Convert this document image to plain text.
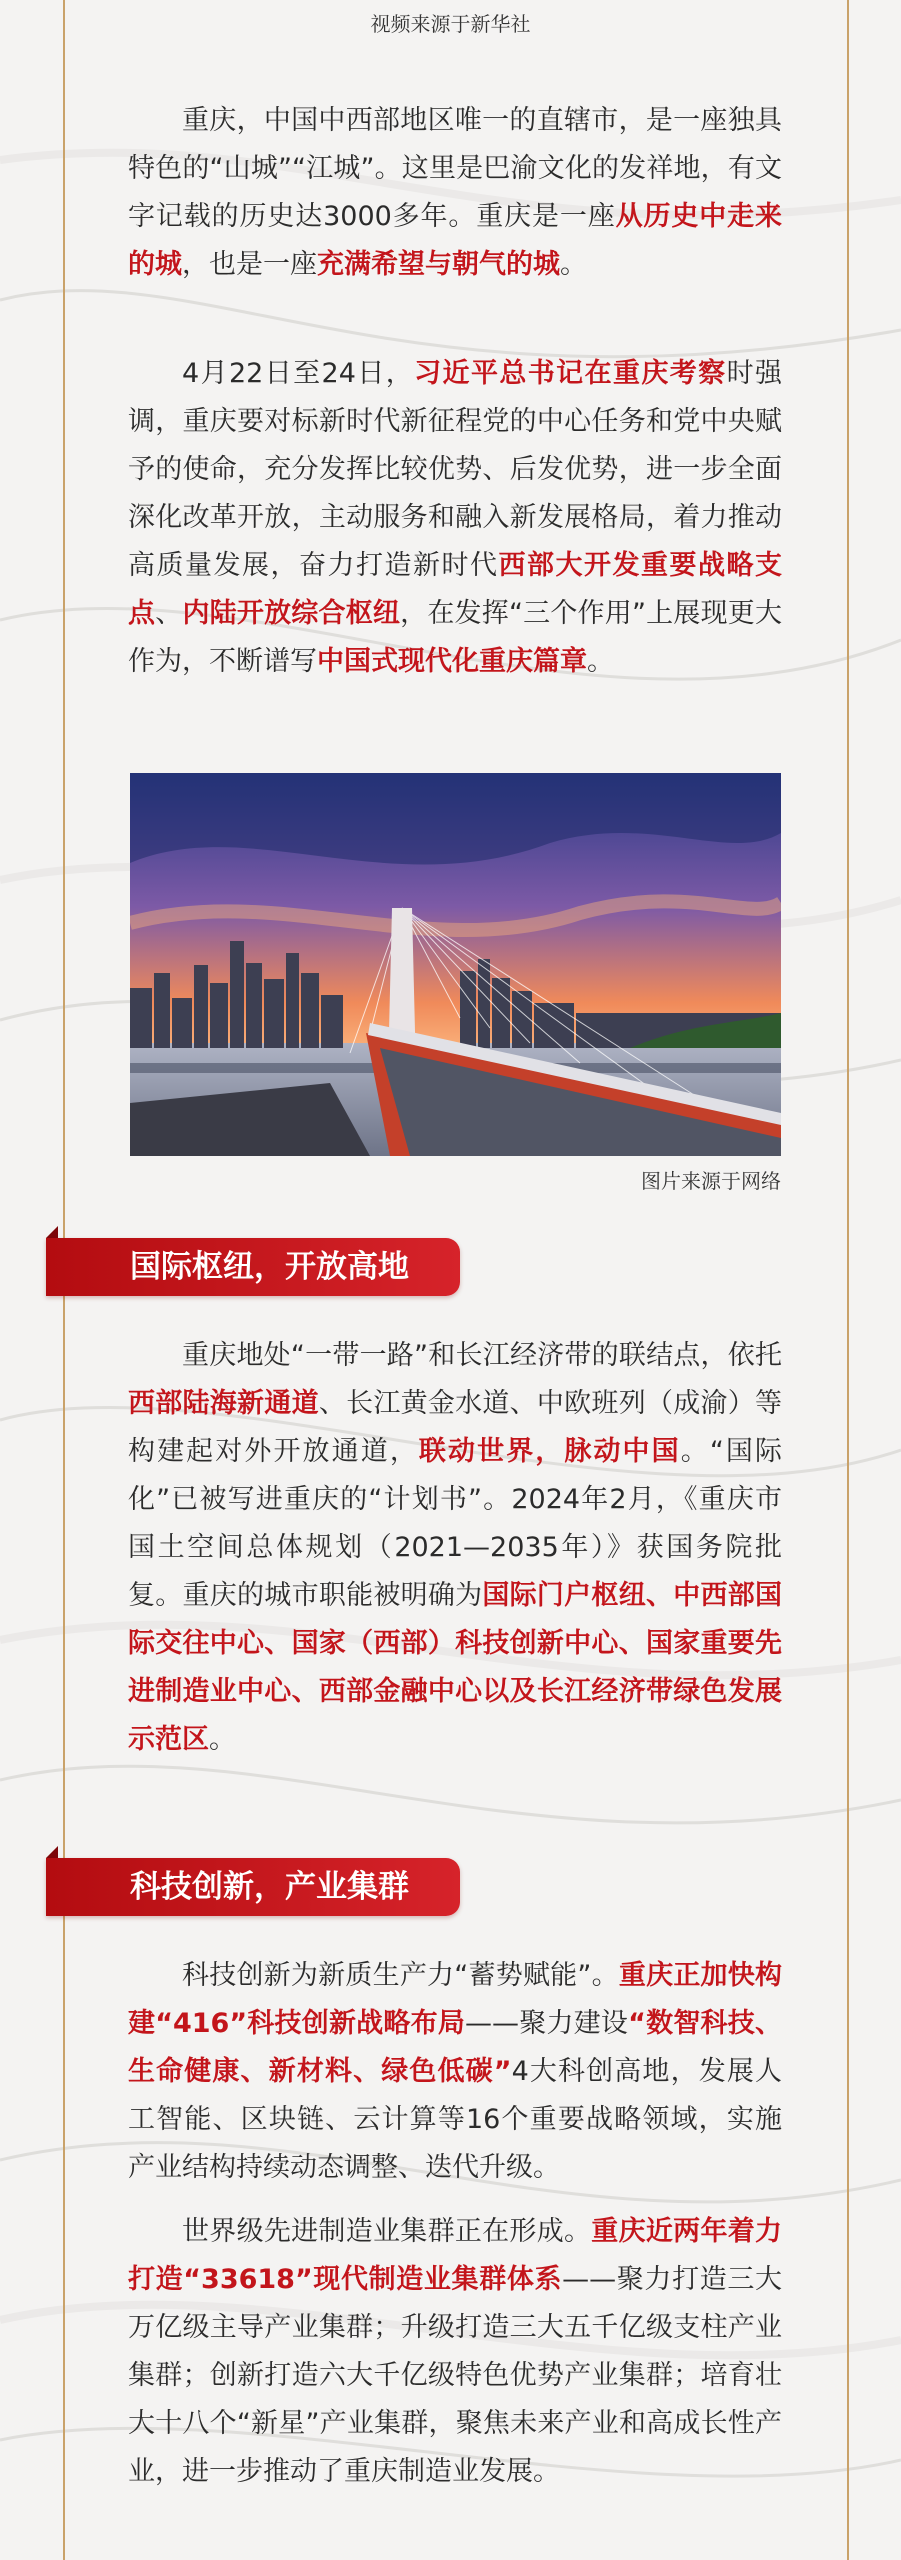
视频来源于新华社

重庆，中国中西部地区唯一的直辖市，是一座独具特色的“山城”“江城”。这里是巴渝文化的发祥地，有文字记载的历史达3000多年。重庆是一座从历史中走来的城，也是一座充满希望与朝气的城。

4月22日至24日，习近平总书记在重庆考察时强调，重庆要对标新时代新征程党的中心任务和党中央赋予的使命，充分发挥比较优势、后发优势，进一步全面深化改革开放，主动服务和融入新发展格局，着力推动高质量发展，奋力打造新时代西部大开发重要战略支点、内陆开放综合枢纽，在发挥“三个作用”上展现更大作为，不断谱写中国式现代化重庆篇章。

图片来源于网络
国际枢纽，开放高地

重庆地处“一带一路”和长江经济带的联结点，依托西部陆海新通道、长江黄金水道、中欧班列（成渝）等构建起对外开放通道，联动世界，脉动中国。“国际化”已被写进重庆的“计划书”。2024年2月，《重庆市国土空间总体规划（2021—2035年）》获国务院批复。重庆的城市职能被明确为国际门户枢纽、中西部国际交往中心、国家（西部）科技创新中心、国家重要先进制造业中心、西部金融中心以及长江经济带绿色发展示范区。

科技创新，产业集群

科技创新为新质生产力“蓄势赋能”。重庆正加快构建“416”科技创新战略布局——聚力建设“数智科技、生命健康、新材料、绿色低碳”4大科创高地，发展人工智能、区块链、云计算等16个重要战略领域，实施产业结构持续动态调整、迭代升级。

世界级先进制造业集群正在形成。重庆近两年着力打造“33618”现代制造业集群体系——聚力打造三大万亿级主导产业集群；升级打造三大五千亿级支柱产业集群；创新打造六大千亿级特色优势产业集群；培育壮大十八个“新星”产业集群，聚焦未来产业和高成长性产业，进一步推动了重庆制造业发展。
